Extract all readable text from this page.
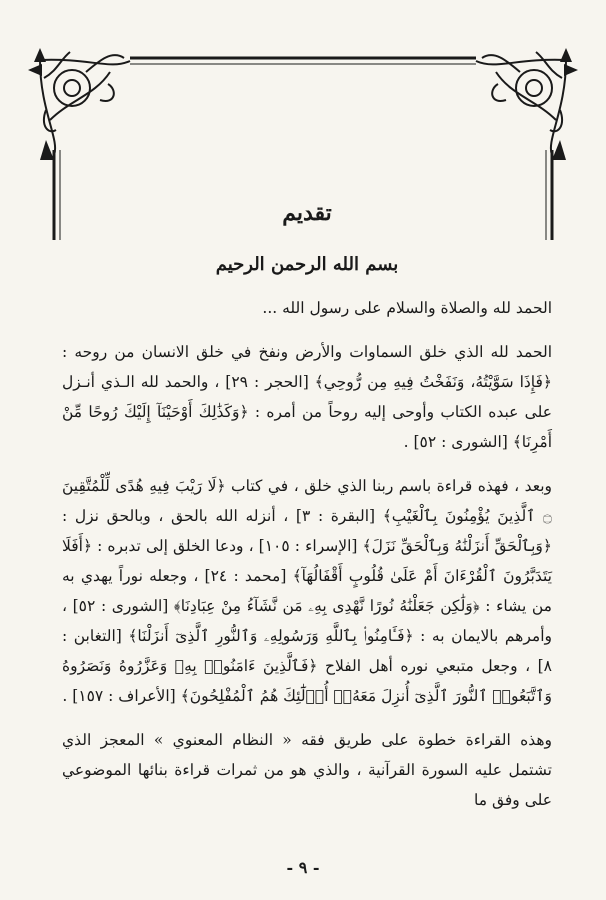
تقديم
بسم الله الرحمن الرحيم

الحمد لله والصلاة والسلام على رسول الله ...

الحمد لله الذي خلق السماوات والأرض ونفخ في خلق الانسان من روحه : ﴿فَإِذَا سَوَّيْتُهُ، وَنَفَخْتُ فِيهِ مِن رُّوحِي﴾ [الحجر : ٢٩] ، والحمد لله الـذي أنـزل على عبده الكتاب وأوحى إليه روحاً من أمره : ﴿وَكَذَٰلِكَ أَوْحَيْنَآ إِلَيْكَ رُوحًا مِّنْ أَمْرِنَا﴾ [الشورى : ٥٢] .

وبعد ، فهذه قراءة باسم ربنا الذي خلق ، في كتاب ﴿لَا رَيْبَ فِيهِ هُدًى لِّلْمُتَّقِينَ ۝ ٱلَّذِينَ يُؤْمِنُونَ بِٱلْغَيْبِ﴾ [البقرة : ٣] ، أنزله الله بالحق ، وبالحق نزل : ﴿وَبِٱلْحَقِّ أَنزَلْنَٰهُ وَبِٱلْحَقِّ نَزَلَ﴾ [الإسراء : ١٠٥] ، ودعا الخلق إلى تدبره : ﴿أَفَلَا يَتَدَبَّرُونَ ٱلْقُرْءَانَ أَمْ عَلَىٰ قُلُوبٍ أَقْفَالُهَآ﴾ [محمد : ٢٤] ، وجعله نوراً يهدي به من يشاء : ﴿وَلَٰكِن جَعَلْنَٰهُ نُورًا نَّهْدِى بِهِۦ مَن نَّشَآءُ مِنْ عِبَادِنَا﴾ [الشورى : ٥٢] ، وأمرهم بالايمان به : ﴿فَـَٔامِنُوا۟ بِٱللَّهِ وَرَسُولِهِۦ وَٱلنُّورِ ٱلَّذِىٓ أَنزَلْنَا﴾ [التغابن : ٨] ، وجعل متبعي نوره أهل الفلاح ﴿فَٱلَّذِينَ ءَامَنُوا۟ بِهِۦ وَعَزَّرُوهُ وَنَصَرُوهُ وَٱتَّبَعُوا۟ ٱلنُّورَ ٱلَّذِىٓ أُنزِلَ مَعَهُۥٓ أُو۟لَٰٓئِكَ هُمُ ٱلْمُفْلِحُونَ﴾ [الأعراف : ١٥٧] .

وهذه القراءة خطوة على طريق فقه « النظام المعنوي » المعجز الذي تشتمل عليه السورة القرآنية ، والذي هو من ثمرات قراءة بنائها الموضوعي على وفق ما

- ٩ -
